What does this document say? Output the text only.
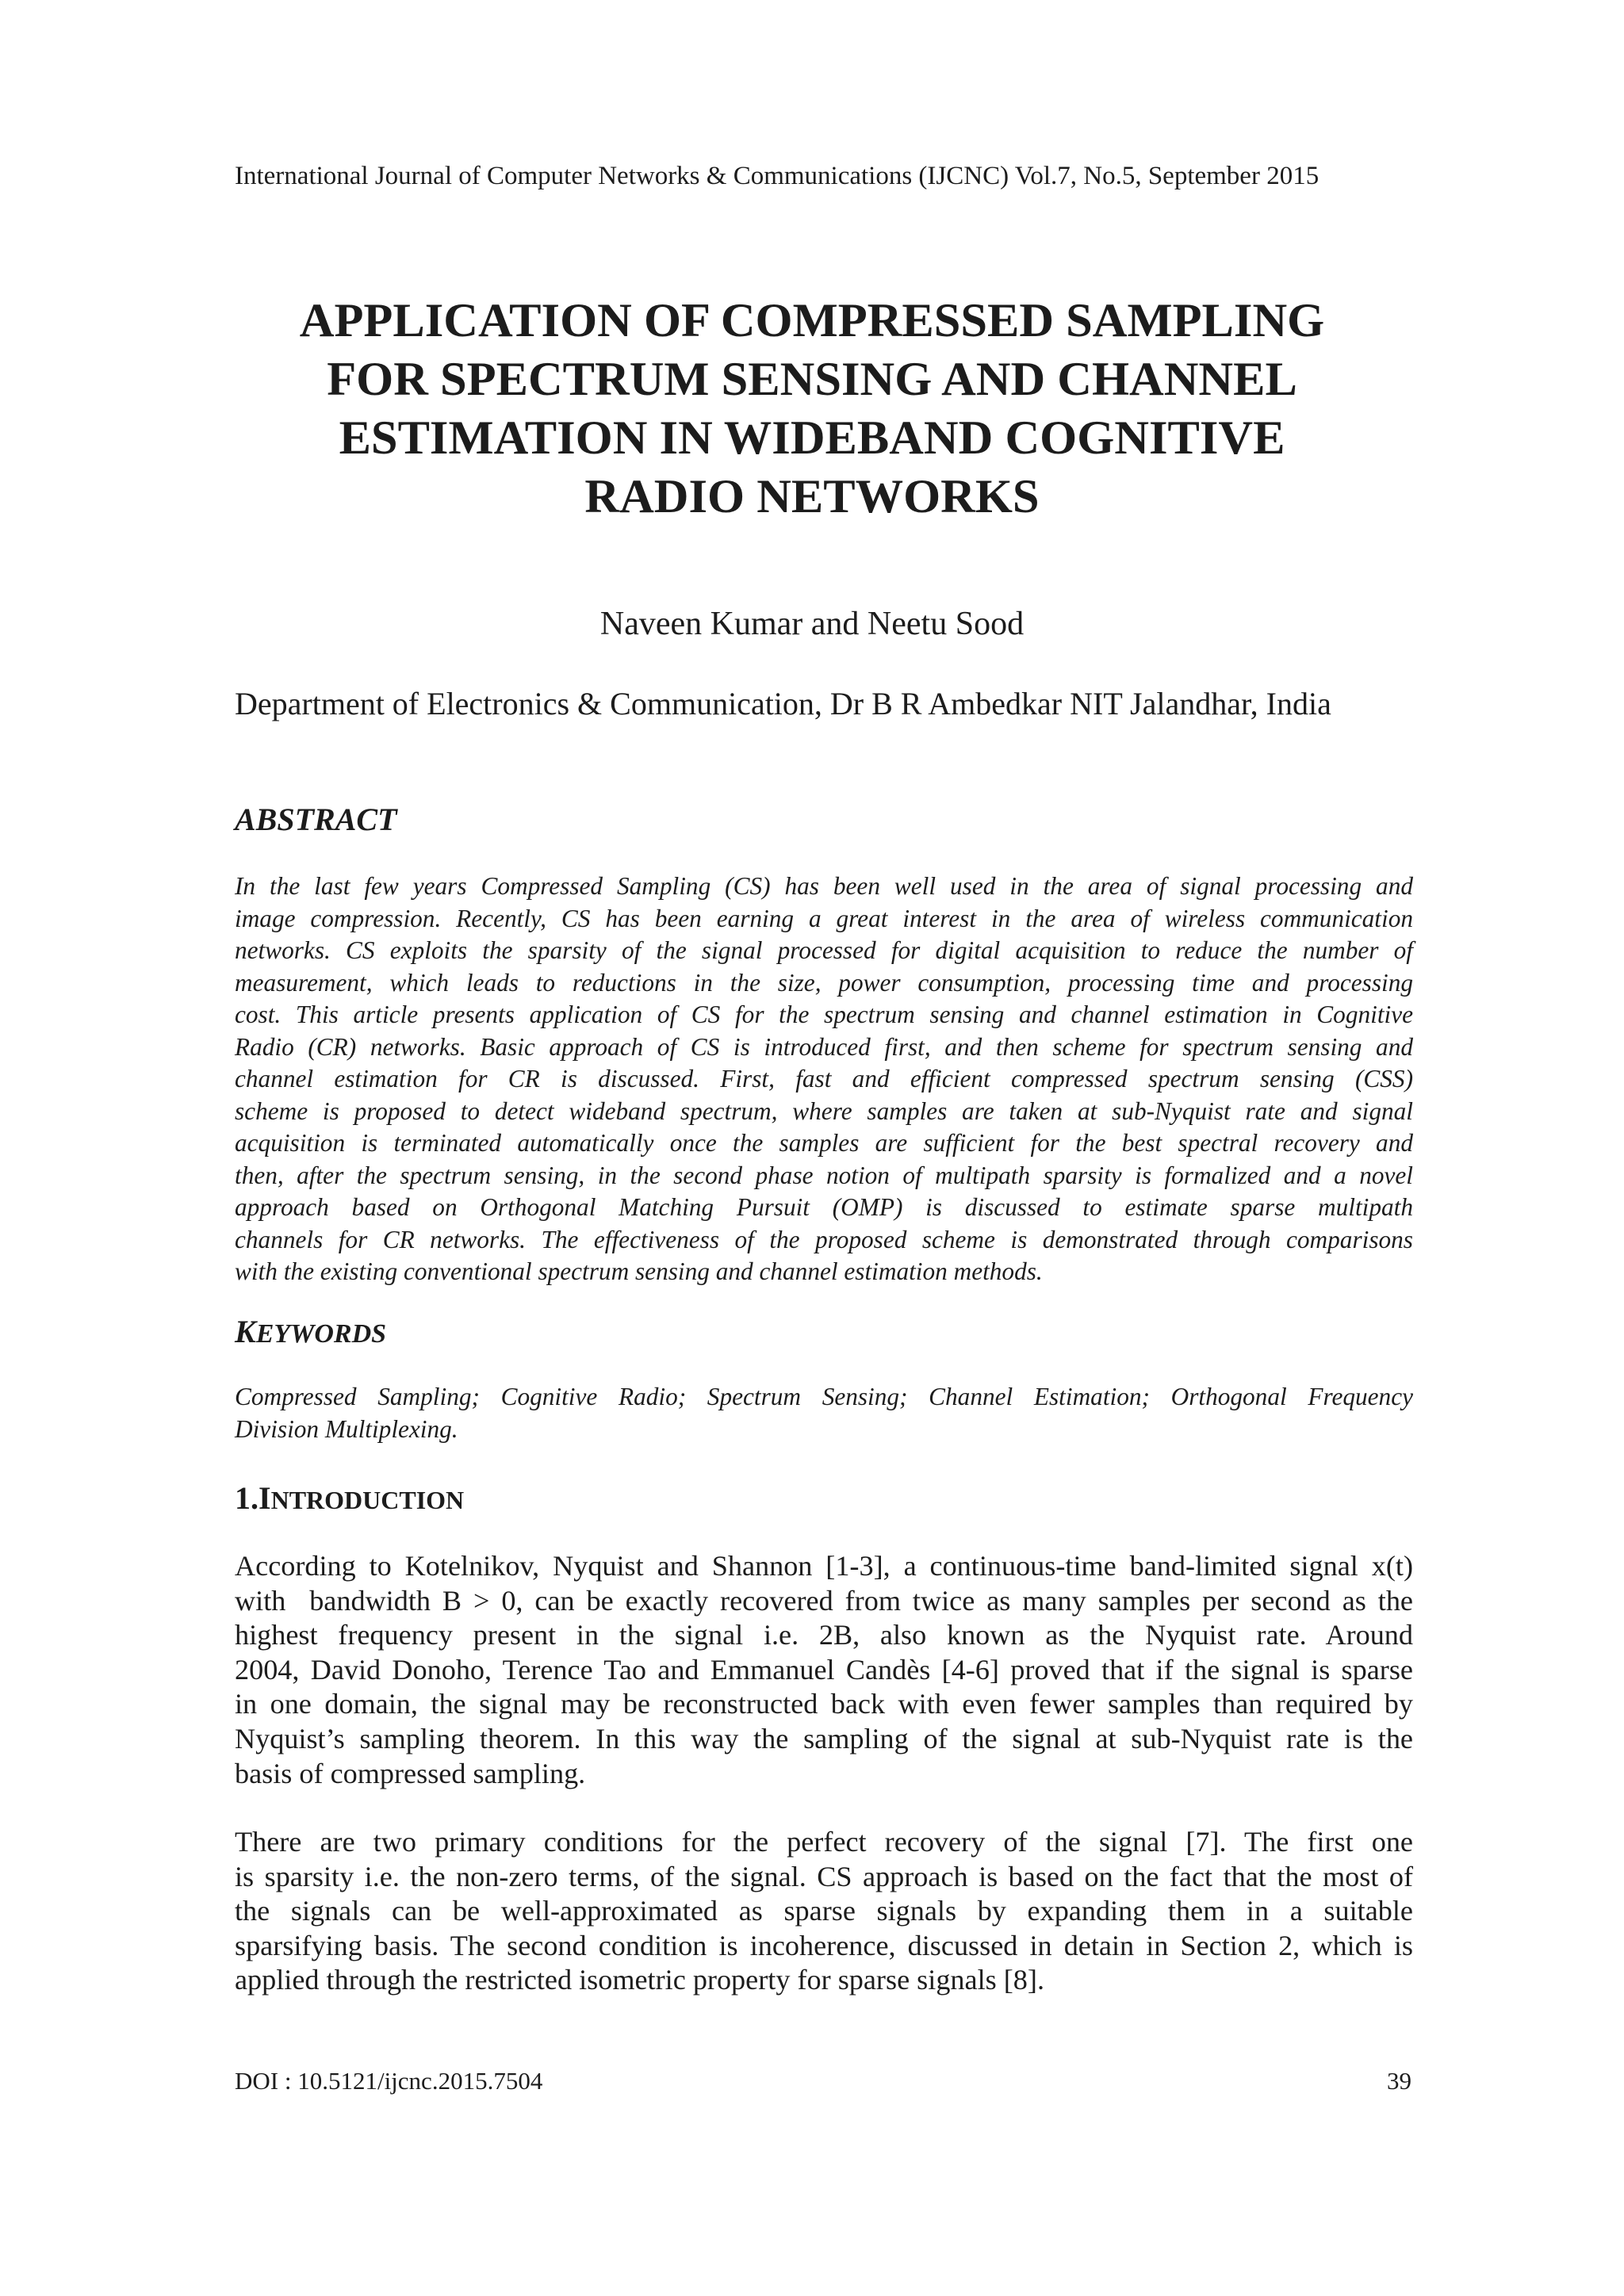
International Journal of Computer Networks & Communications (IJCNC) Vol.7, No.5, September 2015
APPLICATION OF COMPRESSED SAMPLING
FOR SPECTRUM SENSING AND CHANNEL
ESTIMATION IN WIDEBAND COGNITIVE
RADIO NETWORKS
Naveen Kumar and Neetu Sood
Department of Electronics & Communication, Dr B R Ambedkar NIT Jalandhar, India
ABSTRACT
In the last few years Compressed Sampling (CS) has been well used in the area of signal processing and
image compression. Recently, CS has been earning a great interest in the area of wireless communication
networks. CS exploits the sparsity of the signal processed for digital acquisition to reduce the number of
measurement, which leads to reductions in the size, power consumption, processing time and processing
cost. This article presents application of CS for the spectrum sensing and channel estimation in Cognitive
Radio (CR) networks. Basic approach of CS is introduced first, and then scheme for spectrum sensing and
channel estimation for CR is discussed. First, fast and efficient compressed spectrum sensing (CSS)
scheme is proposed to detect wideband spectrum, where samples are taken at sub-Nyquist rate and signal
acquisition is terminated automatically once the samples are sufficient for the best spectral recovery and
then, after the spectrum sensing, in the second phase notion of multipath sparsity is formalized and a novel
approach based on Orthogonal Matching Pursuit (OMP) is discussed to estimate sparse multipath
channels for CR networks. The effectiveness of the proposed scheme is demonstrated through comparisons
with the existing conventional spectrum sensing and channel estimation methods.
KEYWORDS
Compressed Sampling; Cognitive Radio; Spectrum Sensing; Channel Estimation; Orthogonal Frequency
Division Multiplexing.
1.INTRODUCTION
According to Kotelnikov, Nyquist and Shannon [1-3], a continuous-time band-limited signal x(t)
with  bandwidth B > 0, can be exactly recovered from twice as many samples per second as the
highest frequency present in the signal i.e. 2B, also known as the Nyquist rate. Around
2004, David Donoho, Terence Tao and Emmanuel Candès [4-6] proved that if the signal is sparse
in one domain, the signal may be reconstructed back with even fewer samples than required by
Nyquist’s sampling theorem. In this way the sampling of the signal at sub-Nyquist rate is the
basis of compressed sampling.
There are two primary conditions for the perfect recovery of the signal [7]. The first one
is sparsity i.e. the non-zero terms, of the signal. CS approach is based on the fact that the most of
the signals can be well-approximated as sparse signals by expanding them in a suitable
sparsifying basis. The second condition is incoherence, discussed in detain in Section 2, which is
applied through the restricted isometric property for sparse signals [8].
DOI : 10.5121/ijcnc.2015.7504	39
